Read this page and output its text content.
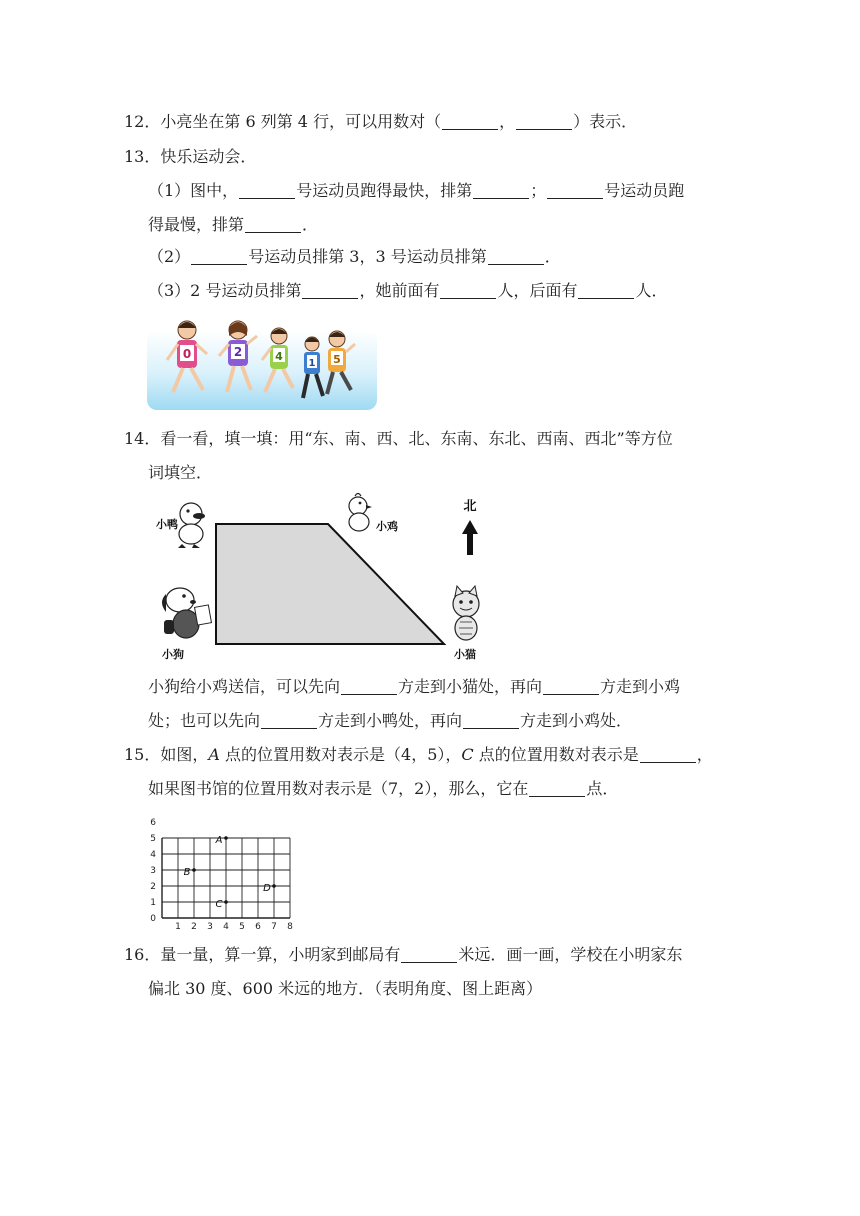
12．小亮坐在第 6 列第 4 行，可以用数对（	，	）表示．
13．快乐运动会．
（1）图中，	号运动员跑得最快，排第	；	号运动员跑
得最慢，排第	．
（2）	号运动员排第 3，3 号运动员排第	．
（3）2 号运动员排第	，她前面有	人，后面有	人．
0	2	4
1 5
14．看一看，填一填：用“东、南、西、北、东南、东北、西南、西北”等方位
词填空．
小鸭	小鸡
北
小狗	小猫
小狗给小鸡送信，可以先向	方走到小猫处，再向	方走到小鸡
处；也可以先向	方走到小鸭处，再向	方走到小鸡处．
15．如图，A 点的位置用数对表示是（4，5），C 点的位置用数对表示是	，
如果图书馆的位置用数对表示是（7，2），那么，它在	点．
1 2 3 4 5 6 7 8
1
2
3
4
5
6
0
A
B
C
D
16．量一量，算一算，小明家到邮局有	米远．画一画，学校在小明家东
偏北 30 度、600 米远的地方．（表明角度、图上距离）
